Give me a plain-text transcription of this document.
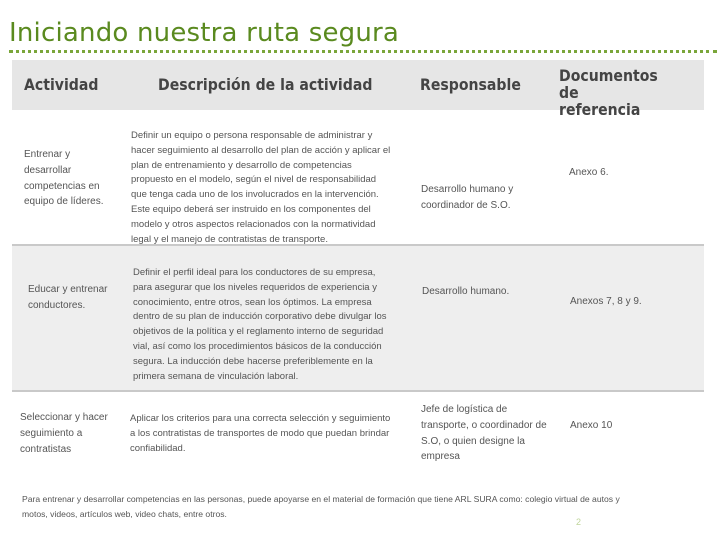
Iniciando nuestra ruta segura
Actividad	Descripción de la actividad	Responsable Documentos de referencia
Entrenar y desarrollar competencias en equipo de líderes.
Definir un equipo o persona responsable de administrar y hacer seguimiento al desarrollo del plan de acción y aplicar el plan de entrenamiento y desarrollo de competencias propuesto en el modelo, según el nivel de responsabilidad que tenga cada uno de los involucrados en la intervención. Este equipo deberá ser instruido en los componentes del modelo y otros aspectos relacionados con la normatividad legal y el manejo de contratistas de transporte.
Desarrollo humano y coordinador de S.O.
Anexo 6.
Educar y entrenar conductores.
Definir el perfil ideal para los conductores de su empresa, para asegurar que los niveles requeridos de experiencia y conocimiento, entre otros, sean los óptimos. La empresa dentro de su plan de inducción corporativo debe divulgar los objetivos de la política y el reglamento interno de seguridad vial, así como los procedimientos básicos de la conducción segura. La inducción debe hacerse preferiblemente en la primera semana de vinculación laboral.
Desarrollo humano.
Anexos 7, 8 y 9.
Seleccionar y hacer seguimiento a contratistas
Aplicar los criterios para una correcta selección y seguimiento a los contratistas de transportes de modo que puedan brindar confiabilidad.
Jefe de logística de transporte, o coordinador de S.O, o quien designe la empresa
Anexo 10
Para entrenar y desarrollar competencias en las personas, puede apoyarse en el material de formación que tiene ARL SURA como: colegio virtual de autos y motos, videos, artículos web, video chats, entre otros.
2
